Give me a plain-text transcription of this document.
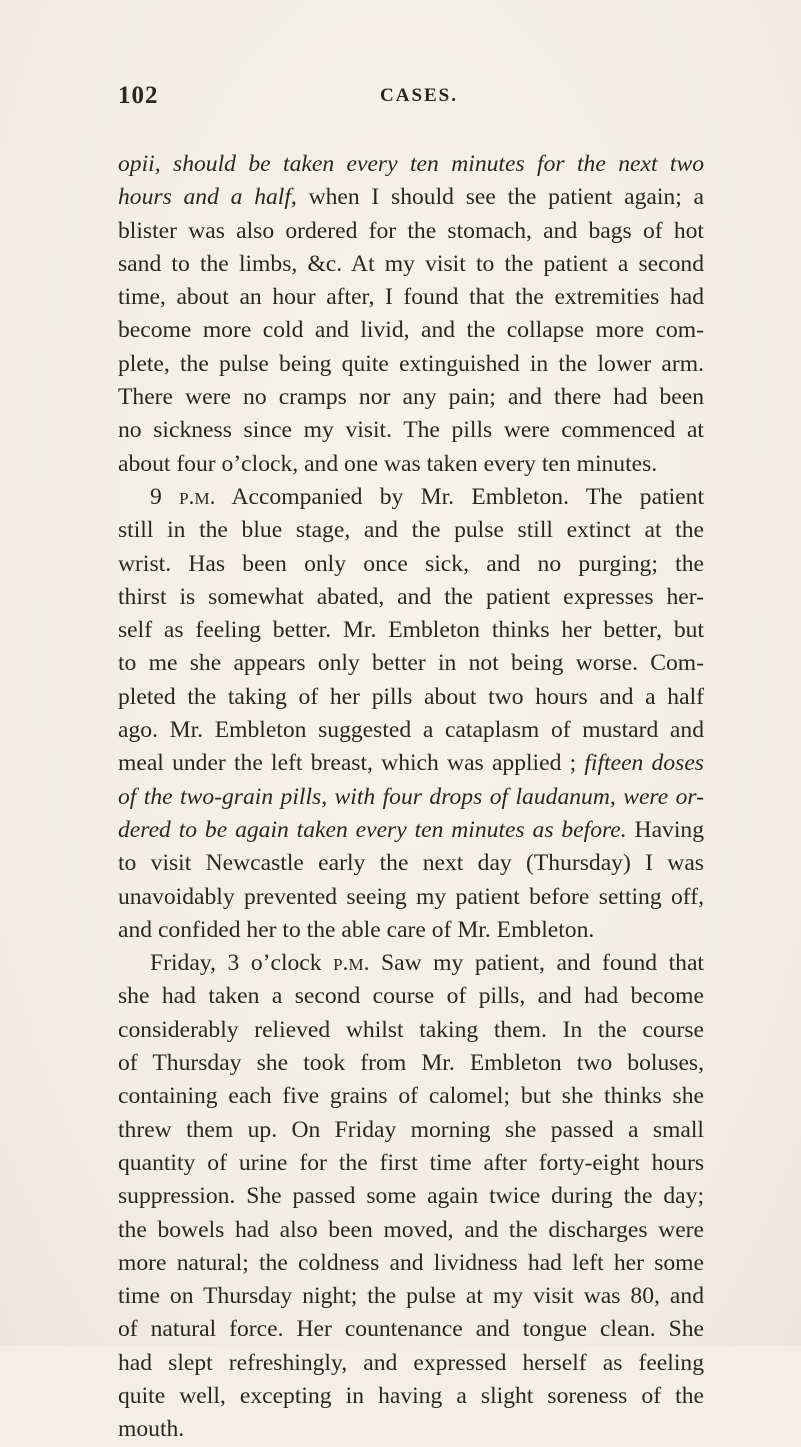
102	CASES.
opii, should be taken every ten minutes for the next two
hours and a half, when I should see the patient again; a
blister was also ordered for the stomach, and bags of hot
sand to the limbs, &c. At my visit to the patient a second
time, about an hour after, I found that the extremities had
become more cold and livid, and the collapse more com-
plete, the pulse being quite extinguished in the lower arm.
There were no cramps nor any pain; and there had been
no sickness since my visit. The pills were commenced at
about four o’clock, and one was taken every ten minutes.
9 p.m. Accompanied by Mr. Embleton. The patient
still in the blue stage, and the pulse still extinct at the
wrist. Has been only once sick, and no purging; the
thirst is somewhat abated, and the patient expresses her-
self as feeling better. Mr. Embleton thinks her better, but
to me she appears only better in not being worse. Com-
pleted the taking of her pills about two hours and a half
ago. Mr. Embleton suggested a cataplasm of mustard and
meal under the left breast, which was applied ; fifteen doses
of the two-grain pills, with four drops of laudanum, were or-
dered to be again taken every ten minutes as before. Having
to visit Newcastle early the next day (Thursday) I was
unavoidably prevented seeing my patient before setting off,
and confided her to the able care of Mr. Embleton.
Friday, 3 o’clock p.m. Saw my patient, and found that
she had taken a second course of pills, and had become
considerably relieved whilst taking them. In the course
of Thursday she took from Mr. Embleton two boluses,
containing each five grains of calomel; but she thinks she
threw them up. On Friday morning she passed a small
quantity of urine for the first time after forty-eight hours
suppression. She passed some again twice during the day;
the bowels had also been moved, and the discharges were
more natural; the coldness and lividness had left her some
time on Thursday night; the pulse at my visit was 80, and
of natural force. Her countenance and tongue clean. She
had slept refreshingly, and expressed herself as feeling
quite well, excepting in having a slight soreness of the
mouth.
